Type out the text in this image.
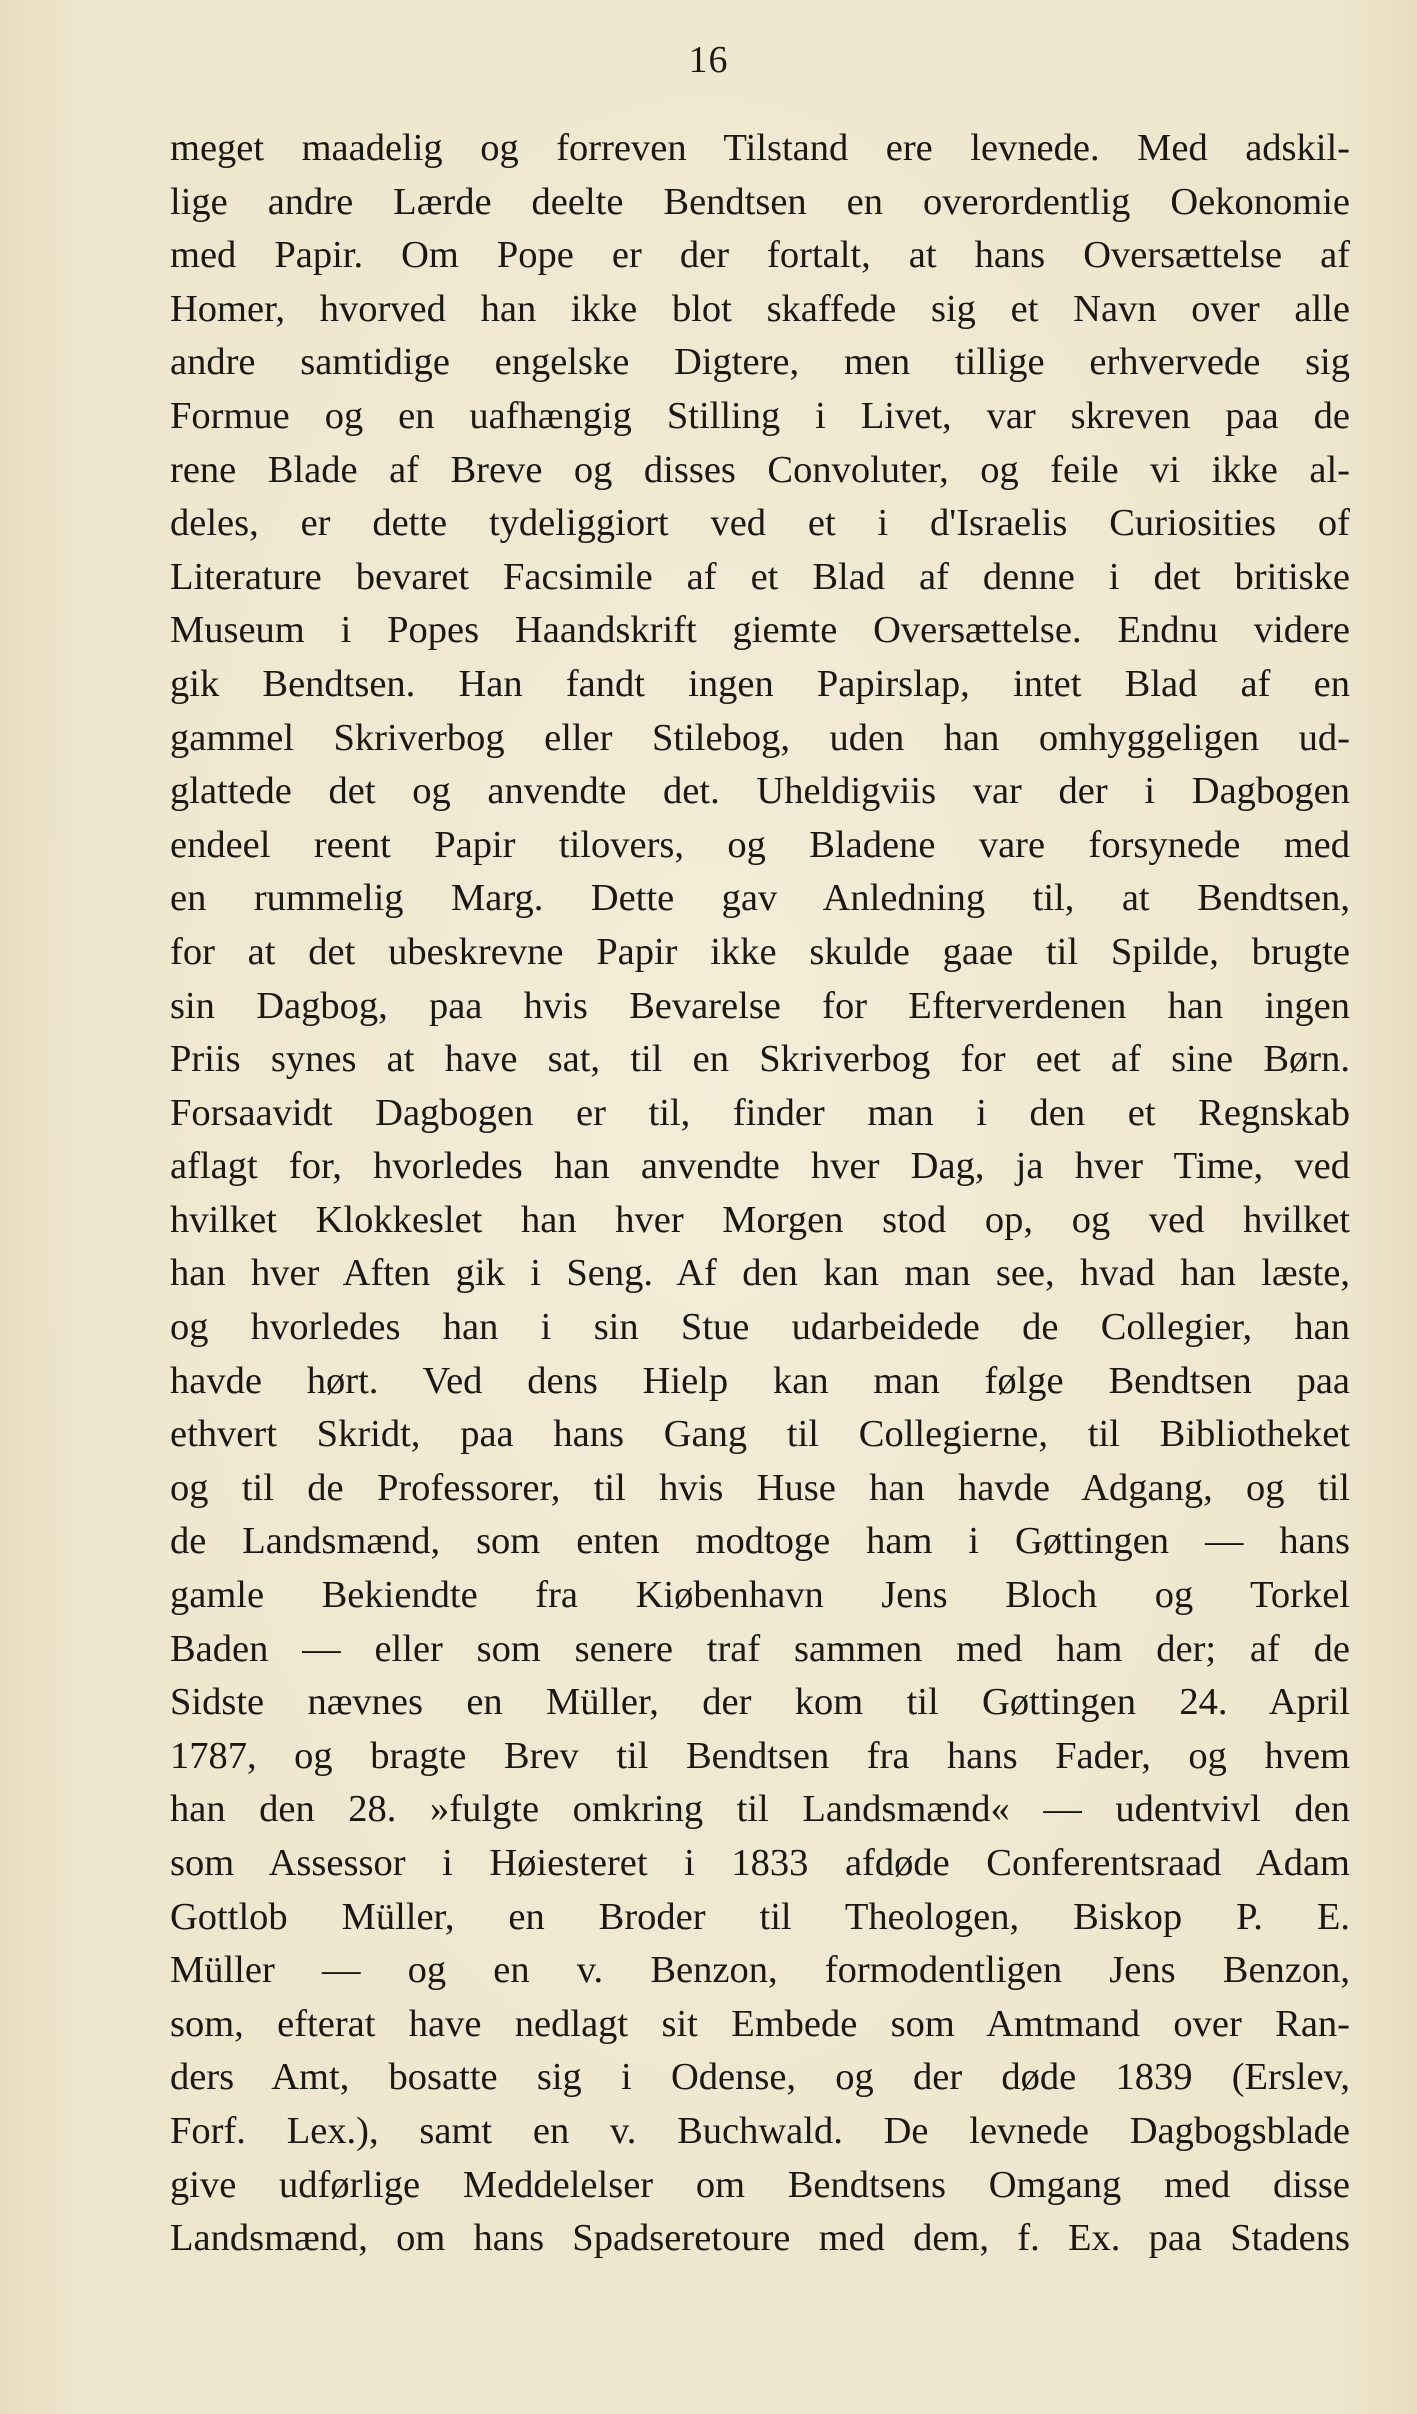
16
meget maadelig og forreven Tilstand ere levnede. Med adskil-
lige andre Lærde deelte Bendtsen en overordentlig Oekonomie
med Papir. Om Pope er der fortalt, at hans Oversættelse af
Homer, hvorved han ikke blot skaffede sig et Navn over alle
andre samtidige engelske Digtere, men tillige erhvervede sig
Formue og en uafhængig Stilling i Livet, var skreven paa de
rene Blade af Breve og disses Convoluter, og feile vi ikke al-
deles, er dette tydeliggiort ved et i d'Israelis Curiosities of
Literature bevaret Facsimile af et Blad af denne i det britiske
Museum i Popes Haandskrift giemte Oversættelse. Endnu videre
gik Bendtsen. Han fandt ingen Papirslap, intet Blad af en
gammel Skriverbog eller Stilebog, uden han omhyggeligen ud-
glattede det og anvendte det. Uheldigviis var der i Dagbogen
endeel reent Papir tilovers, og Bladene vare forsynede med
en rummelig Marg. Dette gav Anledning til, at Bendtsen,
for at det ubeskrevne Papir ikke skulde gaae til Spilde, brugte
sin Dagbog, paa hvis Bevarelse for Efterverdenen han ingen
Priis synes at have sat, til en Skriverbog for eet af sine Børn.
Forsaavidt Dagbogen er til, finder man i den et Regnskab
aflagt for, hvorledes han anvendte hver Dag, ja hver Time, ved
hvilket Klokkeslet han hver Morgen stod op, og ved hvilket
han hver Aften gik i Seng. Af den kan man see, hvad han læste,
og hvorledes han i sin Stue udarbeidede de Collegier, han
havde hørt. Ved dens Hielp kan man følge Bendtsen paa
ethvert Skridt, paa hans Gang til Collegierne, til Bibliotheket
og til de Professorer, til hvis Huse han havde Adgang, og til
de Landsmænd, som enten modtoge ham i Gøttingen — hans
gamle Bekiendte fra Kiøbenhavn Jens Bloch og Torkel
Baden — eller som senere traf sammen med ham der; af de
Sidste nævnes en Müller, der kom til Gøttingen 24. April
1787, og bragte Brev til Bendtsen fra hans Fader, og hvem
han den 28. »fulgte omkring til Landsmænd« — udentvivl den
som Assessor i Høiesteret i 1833 afdøde Conferentsraad Adam
Gottlob Müller, en Broder til Theologen, Biskop P. E.
Müller — og en v. Benzon, formodentligen Jens Benzon,
som, efterat have nedlagt sit Embede som Amtmand over Ran-
ders Amt, bosatte sig i Odense, og der døde 1839 (Erslev,
Forf. Lex.), samt en v. Buchwald. De levnede Dagbogsblade
give udførlige Meddelelser om Bendtsens Omgang med disse
Landsmænd, om hans Spadseretoure med dem, f. Ex. paa Stadens
